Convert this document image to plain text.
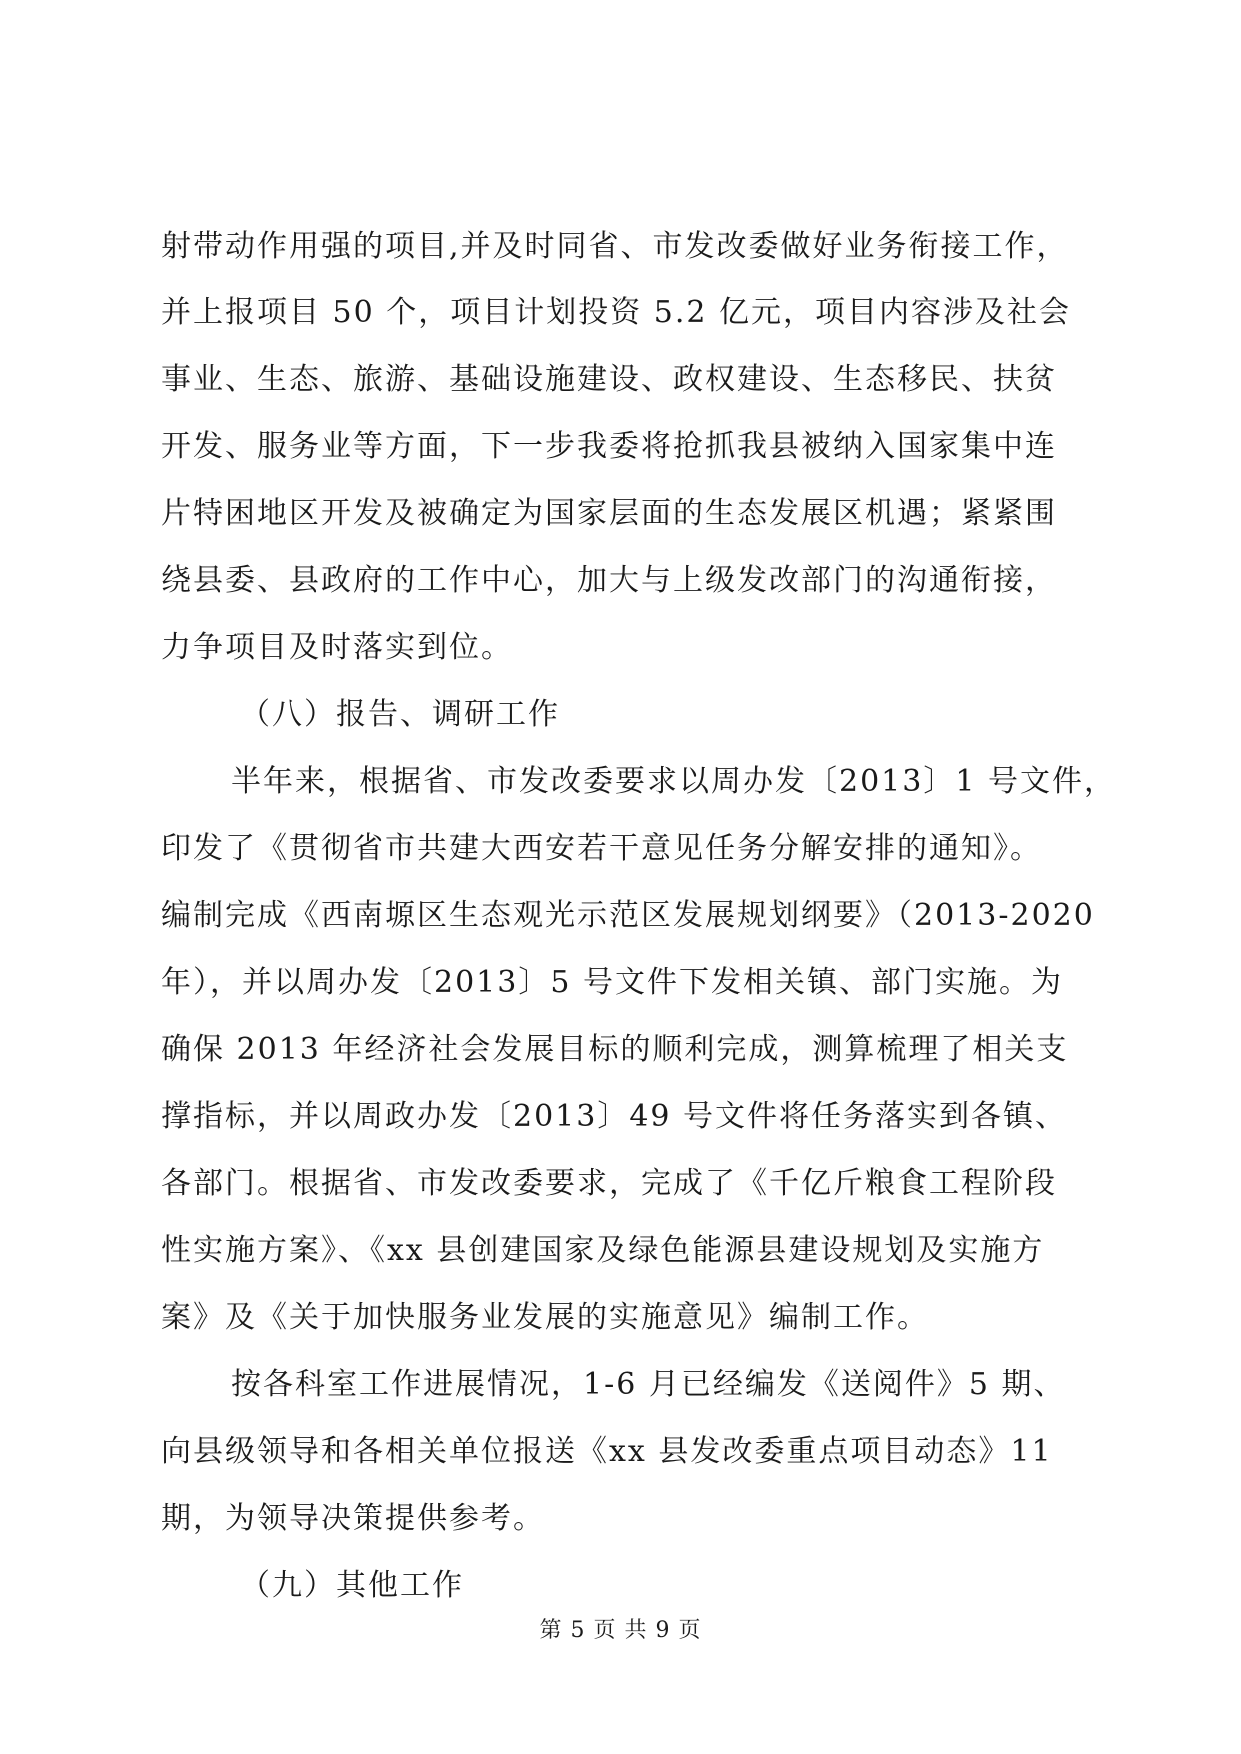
射带动作用强的项目,并及时同省、市发改委做好业务衔接工作，
并上报项目 50 个，项目计划投资 5.2 亿元，项目内容涉及社会
事业、生态、旅游、基础设施建设、政权建设、生态移民、扶贫
开发、服务业等方面，下一步我委将抢抓我县被纳入国家集中连
片特困地区开发及被确定为国家层面的生态发展区机遇；紧紧围
绕县委、县政府的工作中心，加大与上级发改部门的沟通衔接，
力争项目及时落实到位。
（八）报告、调研工作
半年来，根据省、市发改委要求以周办发〔2013〕1 号文件，
印发了《贯彻省市共建大西安若干意见任务分解安排的通知》。
编制完成《西南塬区生态观光示范区发展规划纲要》（2013-2020
年），并以周办发〔2013〕5 号文件下发相关镇、部门实施。为
确保 2013 年经济社会发展目标的顺利完成，测算梳理了相关支
撑指标，并以周政办发〔2013〕49 号文件将任务落实到各镇、
各部门。根据省、市发改委要求，完成了《千亿斤粮食工程阶段
性实施方案》、《xx 县创建国家及绿色能源县建设规划及实施方
案》及《关于加快服务业发展的实施意见》编制工作。
按各科室工作进展情况，1-6 月已经编发《送阅件》5 期、
向县级领导和各相关单位报送《xx 县发改委重点项目动态》11
期，为领导决策提供参考。
（九）其他工作
第 5 页 共 9 页
